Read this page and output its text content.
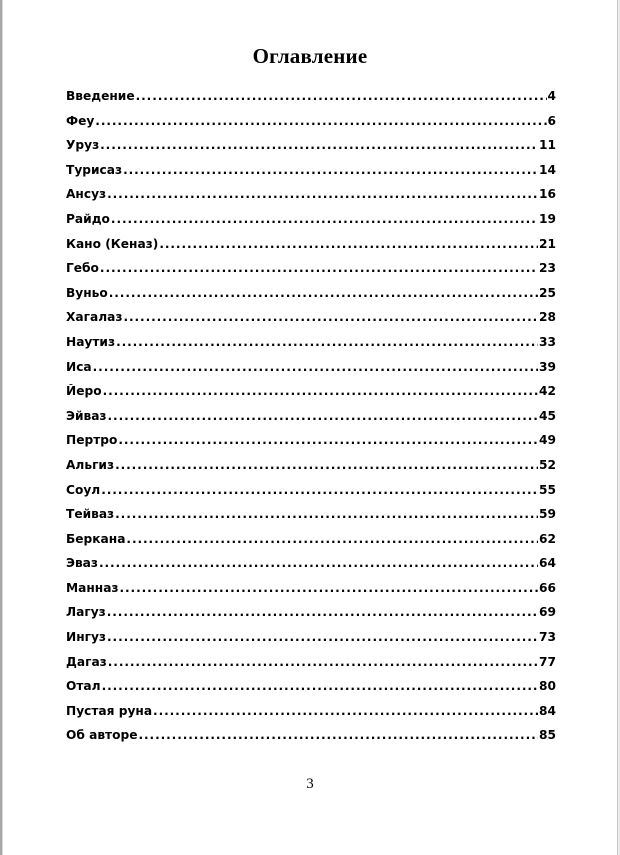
Оглавление
Введение .....	4
Феу .....	6
Уруз .....	11
Турисаз .....	14
Ансуз .....	16
Райдо .....	19
Кано (Кеназ) .....	21
Гебо .....	23
Вуньо .....	25
Хагалаз .....	28
Наутиз .....	33
Иса .....	39
Йеро .....	42
Эйваз .....	45
Пертро .....	49
Альгиз .....	52
Соул .....	55
Тейваз .....	59
Беркана .....	62
Эваз .....	64
Манназ .....	66
Лагуз .....	69
Ингуз .....	73
Дагаз .....	77
Отал .....	80
Пустая руна .....	84
Об авторе .....	85
3
